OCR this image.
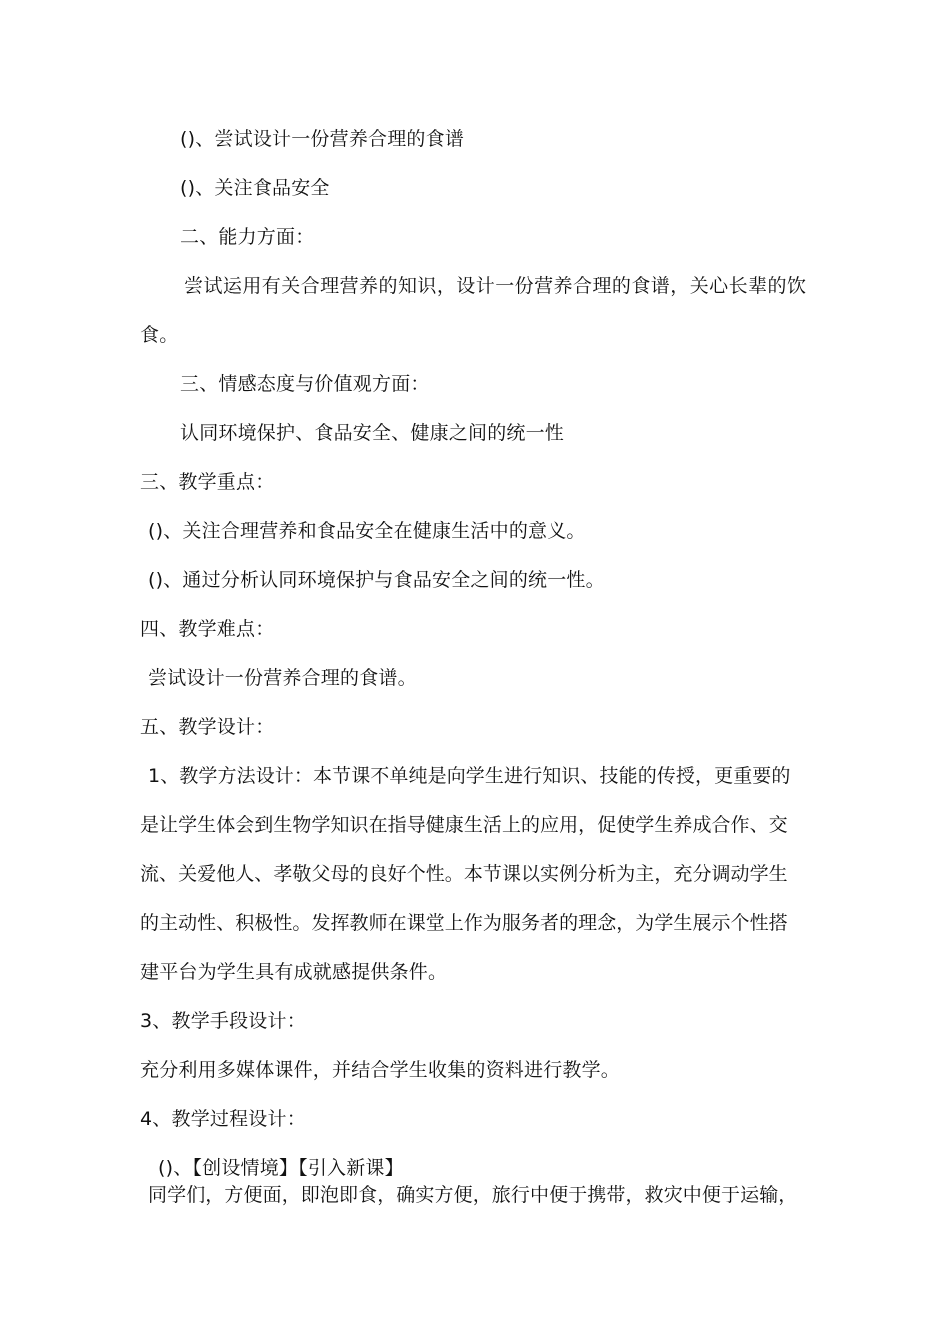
()、尝试设计一份营养合理的食谱
()、关注食品安全
二、能力方面：
尝试运用有关合理营养的知识，设计一份营养合理的食谱，关心长辈的饮
食。
三、情感态度与价值观方面：
认同环境保护、食品安全、健康之间的统一性
三、教学重点：
()、关注合理营养和食品安全在健康生活中的意义。
()、通过分析认同环境保护与食品安全之间的统一性。
四、教学难点：
尝试设计一份营养合理的食谱。
五、教学设计：
1、教学方法设计：本节课不单纯是向学生进行知识、技能的传授，更重要的
是让学生体会到生物学知识在指导健康生活上的应用，促使学生养成合作、交
流、关爱他人、孝敬父母的良好个性。本节课以实例分析为主，充分调动学生
的主动性、积极性。发挥教师在课堂上作为服务者的理念，为学生展示个性搭
建平台为学生具有成就感提供条件。
3、教学手段设计：
充分利用多媒体课件，并结合学生收集的资料进行教学。
4、教学过程设计：
()、【创设情境】【引入新课】
同学们，方便面，即泡即食，确实方便，旅行中便于携带，救灾中便于运输，
